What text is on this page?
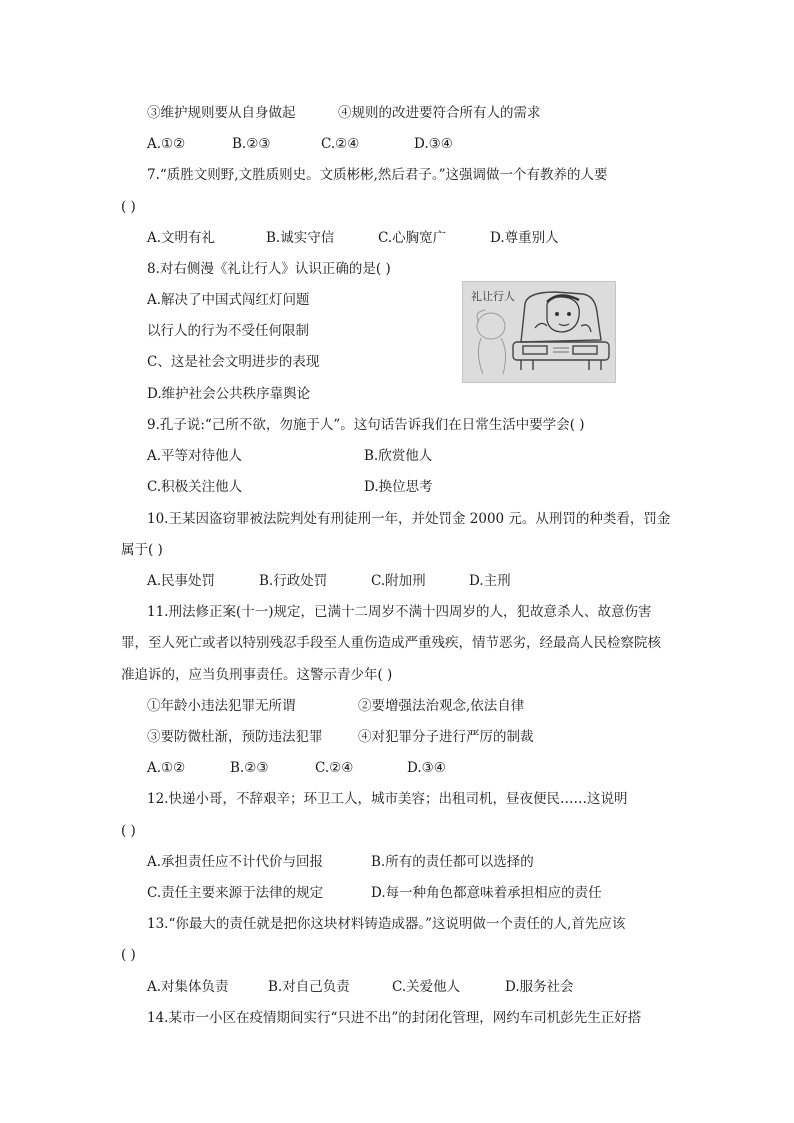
③维护规则要从自身做起	④规则的改进要符合所有人的需求
A.①②	B.②③	C.②④	D.③④
7.“质胜文则野,文胜质则史。文质彬彬,然后君子。”这强调做一个有教养的人要
( )
A.文明有礼	B.诚实守信	C.心胸宽广	D.尊重别人
8.对右侧漫《礼让行人》认识正确的是( )
A.解决了中国式闯红灯问题
以行人的行为不受任何限制
C、这是社会文明进步的表现
D.维护社会公共秩序靠舆论
礼让行人
9.孔子说:“己所不欲，勿施于人”。这句话告诉我们在日常生活中要学会( )
A.平等对待他人	B.欣赏他人
C.积极关注他人	D.换位思考
10.王某因盗窃罪被法院判处有刑徒刑一年，并处罚金 2000 元。从刑罚的种类看，罚金
属于( )
A.民事处罚	B.行政处罚	C.附加刑	D.主刑
11.刑法修正案(十一)规定，已满十二周岁不满十四周岁的人，犯故意杀人、故意伤害
罪，至人死亡或者以特别残忍手段至人重伤造成严重残疾，情节恶劣，经最高人民检察院核
准追诉的，应当负刑事责任。这警示青少年( )
①年龄小违法犯罪无所谓	②要增强法治观念,依法自律
③要防微杜渐，预防违法犯罪	④对犯罪分子进行严厉的制裁
A.①②	B.②③	C.②④	D.③④
12.快递小哥，不辞艰辛；环卫工人，城市美容；出租司机，昼夜便民……这说明
( )
A.承担责任应不计代价与回报	B.所有的责任都可以选择的
C.责任主要来源于法律的规定	D.每一种角色都意味着承担相应的责任
13.“你最大的责任就是把你这块材料铸造成器。”这说明做一个责任的人,首先应该
( )
A.对集体负责	B.对自己负责	C.关爱他人	D.服务社会
14.某市一小区在疫情期间实行“只进不出”的封闭化管理，网约车司机彭先生正好搭
